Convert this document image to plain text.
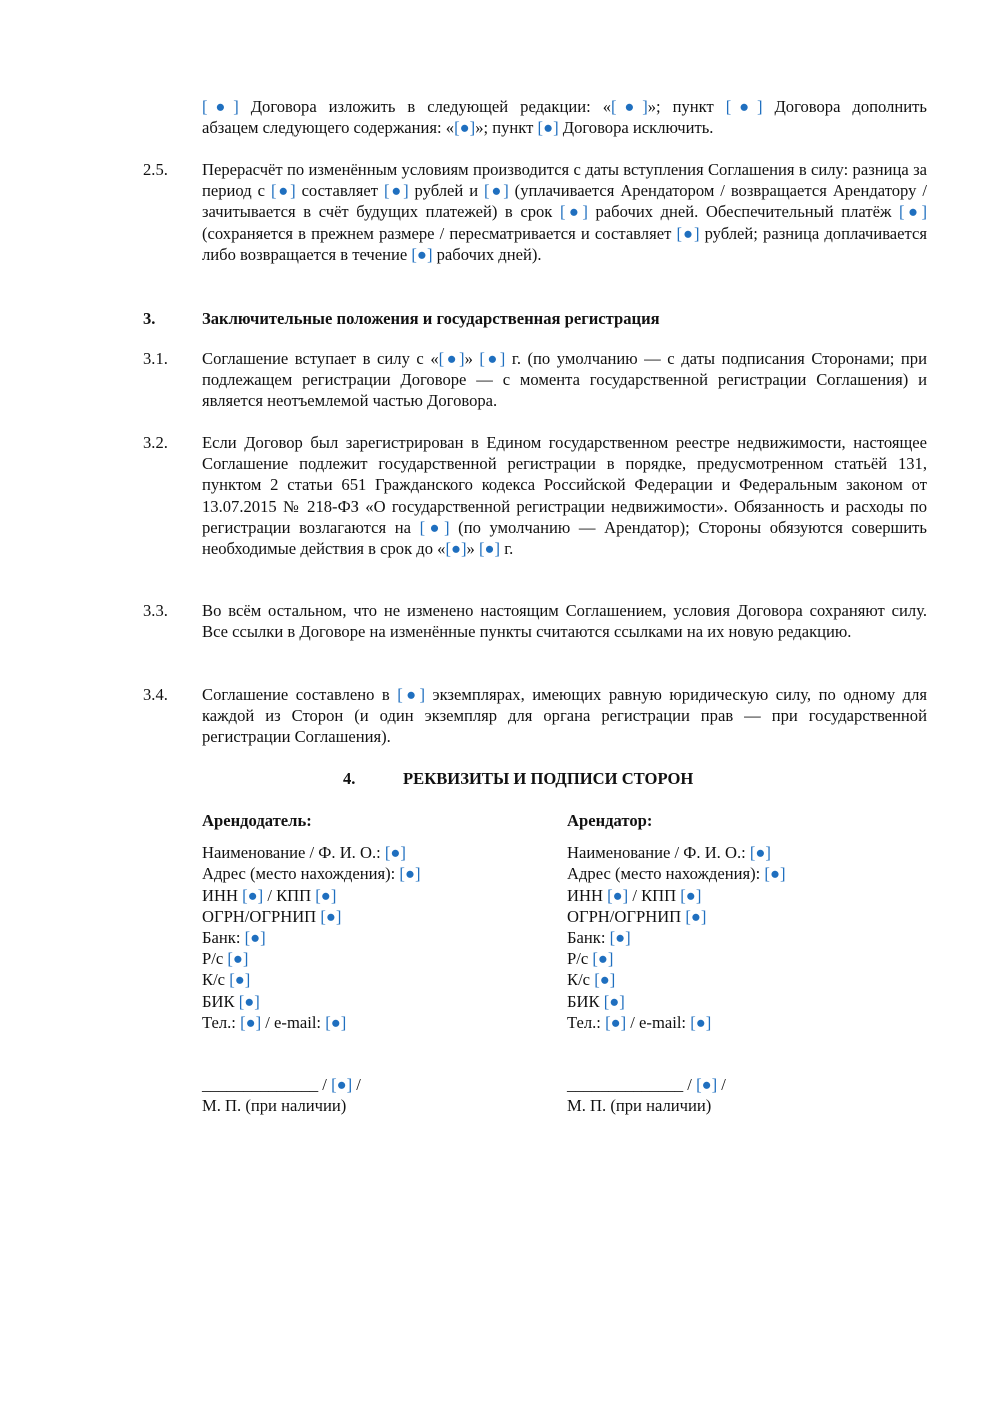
[●] Договора изложить в следующей редакции: «[●]»; пункт [●] Договора дополнить
абзацем следующего содержания: «[●]»; пункт [●] Договора исключить.
2.5.	Перерасчёт по изменённым условиям производится с даты вступления Соглашения в силу: разница за период с [●] составляет [●] рублей и [●] (уплачивается Арендатором / возвращается Арендатору / зачитывается в счёт будущих платежей) в срок [●] рабочих дней. Обеспечительный платёж [●] (сохраняется в прежнем размере / пересматривается и составляет [●] рублей; разница доплачивается либо возвращается в течение [●] рабочих дней).
3.	Заключительные положения и государственная регистрация
3.1.	Соглашение вступает в силу с «[●]» [●] г. (по умолчанию — с даты подписания Сторонами; при подлежащем регистрации Договоре — с момента государственной регистрации Соглашения) и является неотъемлемой частью Договора.
3.2.	Если Договор был зарегистрирован в Едином государственном реестре недвижимости, настоящее Соглашение подлежит государственной регистрации в порядке, предусмотренном статьёй 131, пунктом 2 статьи 651 Гражданского кодекса Российской Федерации и Федеральным законом от 13.07.2015 № 218-ФЗ «О государственной регистрации недвижимости». Обязанность и расходы по регистрации возлагаются на [●] (по умолчанию — Арендатор); Стороны обязуются совершить необходимые действия в срок до «[●]» [●] г.
3.3.	Во всём остальном, что не изменено настоящим Соглашением, условия Договора сохраняют силу. Все ссылки в Договоре на изменённые пункты считаются ссылками на их новую редакцию.
3.4.	Соглашение составлено в [●] экземплярах, имеющих равную юридическую силу, по одному для каждой из Сторон (и один экземпляр для органа регистрации прав — при государственной регистрации Соглашения).
4.	РЕКВИЗИТЫ И ПОДПИСИ СТОРОН
Арендодатель:
Наименование / Ф. И. О.: [●]
Адрес (место нахождения): [●]
ИНН [●] / КПП [●]
ОГРН/ОГРНИП [●]
Банк: [●]
Р/с [●]
К/с [●]
БИК [●]
Тел.: [●] / e-mail: [●]
Арендатор:
Наименование / Ф. И. О.: [●]
Адрес (место нахождения): [●]
ИНН [●] / КПП [●]
ОГРН/ОГРНИП [●]
Банк: [●]
Р/с [●]
К/с [●]
БИК [●]
Тел.: [●] / e-mail: [●]
______________ / [●] /
М. П. (при наличии)
______________ / [●] /
М. П. (при наличии)
